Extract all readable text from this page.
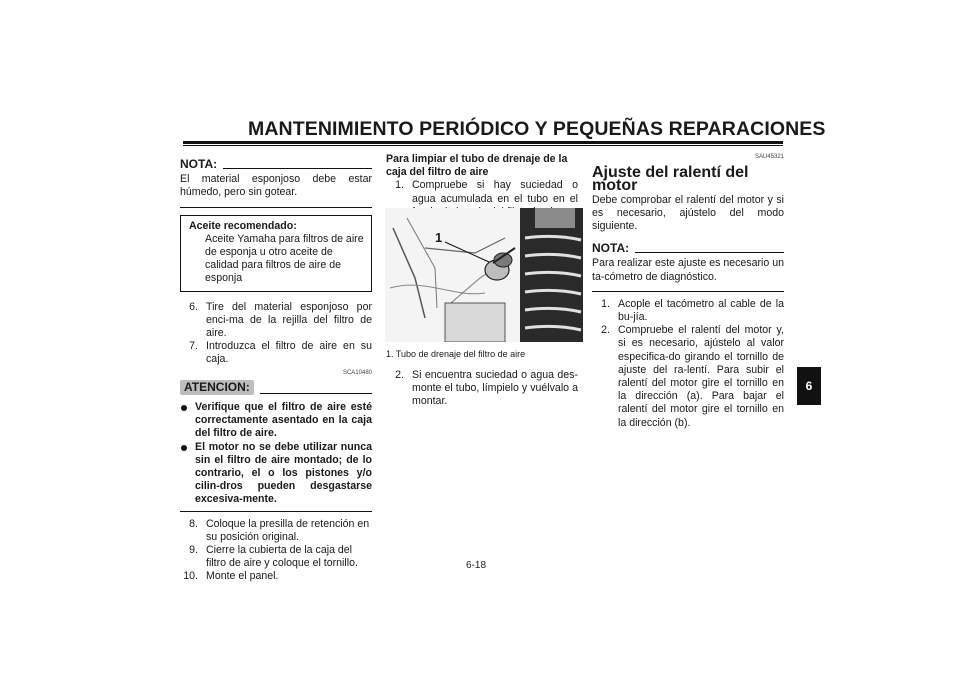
MANTENIMIENTO PERIÓDICO Y PEQUEÑAS REPARACIONES
NOTA:
El material esponjoso debe estar húmedo, pero sin gotear.
Aceite recomendado:
Aceite Yamaha para filtros de aire de esponja u otro aceite de calidad para filtros de aire de esponja
6. Tire del material esponjoso por enci-ma de la rejilla del filtro de aire.
7. Introduzca el filtro de aire en su caja.
SCA10480
ATENCION:
Verifique que el filtro de aire esté correctamente asentado en la caja del filtro de aire.
El motor no se debe utilizar nunca sin el filtro de aire montado; de lo contrario, el o los pistones y/o cilin-dros pueden desgastarse excesiva-mente.
8. Coloque la presilla de retención en su posición original.
9. Cierre la cubierta de la caja del filtro de aire y coloque el tornillo.
10. Monte el panel.
Para limpiar el tubo de drenaje de la caja del filtro de aire
1. Compruebe si hay suciedad o agua acumulada en el tubo en el
1
1. Tubo de drenaje del filtro de aire
2. Si encuentra suciedad o agua des-monte el tubo, límpielo y vuélvalo a montar.
SAU45321
Ajuste del ralentí del motor
Debe comprobar el ralentí del motor y si es necesario, ajústelo del modo siguiente.
NOTA:
Para realizar este ajuste es necesario un ta-cómetro de diagnóstico.
1. Acople el tacómetro al cable de la bu-jía.
2. Compruebe el ralentí del motor y, si es necesario, ajústelo al valor especifica-do girando el tornillo de ajuste del ra-lentí. Para subir el ralentí del motor gire el tornillo en la dirección (a). Para bajar el ralentí del motor gire el tornillo en la dirección (b).
6
6-18
